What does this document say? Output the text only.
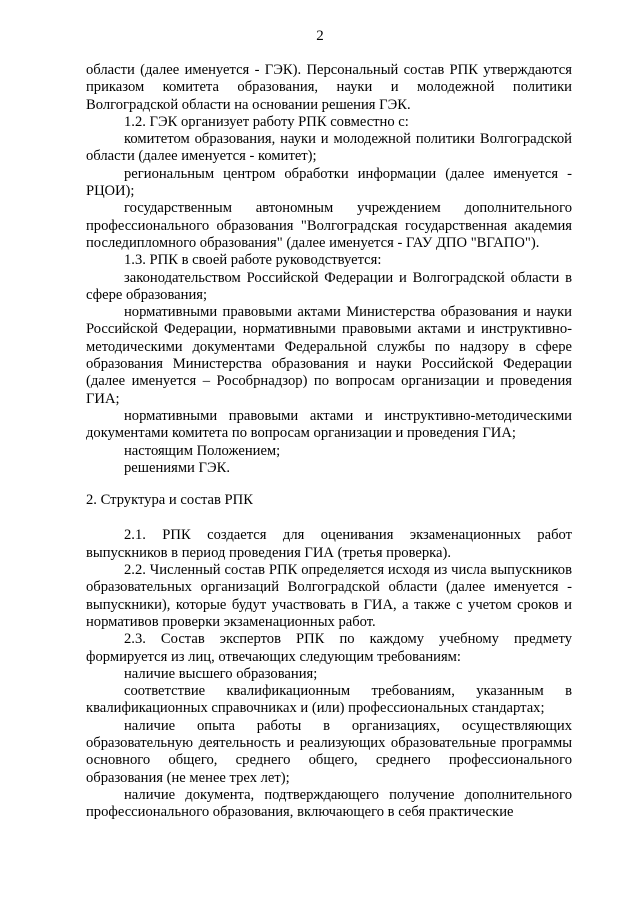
2

области (далее именуется - ГЭК). Персональный состав РПК утверждаются приказом комитета образования, науки и молодежной политики Волгоградской области на основании решения ГЭК.

1.2. ГЭК организует работу РПК совместно с:

комитетом образования, науки и молодежной политики Волгоградской области (далее именуется - комитет);

региональным центром обработки информации (далее именуется - РЦОИ);

государственным автономным учреждением дополнительного профессионального образования "Волгоградская государственная академия последипломного образования" (далее именуется - ГАУ ДПО "ВГАПО").

1.3. РПК в своей работе руководствуется:

законодательством Российской Федерации и Волгоградской области в сфере образования;

нормативными правовыми актами Министерства образования и науки Российской Федерации, нормативными правовыми актами и инструктивно-методическими документами Федеральной службы по надзору в сфере образования Министерства образования и науки Российской Федерации (далее именуется – Рособрнадзор) по вопросам организации и проведения ГИА;

нормативными правовыми актами и инструктивно-методическими документами комитета по вопросам организации и проведения ГИА;

настоящим Положением;

решениями ГЭК.

2. Структура и состав РПК

2.1. РПК создается для оценивания экзаменационных работ выпускников в период проведения ГИА (третья проверка).

2.2. Численный состав РПК определяется исходя из числа выпускников образовательных организаций Волгоградской области (далее именуется - выпускники), которые будут участвовать в ГИА, а также с учетом сроков и нормативов проверки экзаменационных работ.

2.3. Состав экспертов РПК по каждому учебному предмету формируется из лиц, отвечающих следующим требованиям:

наличие высшего образования;

соответствие квалификационным требованиям, указанным в квалификационных справочниках и (или) профессиональных стандартах;

наличие опыта работы в организациях, осуществляющих образовательную деятельность и реализующих образовательные программы основного общего, среднего общего, среднего профессионального образования (не менее трех лет);

наличие документа, подтверждающего получение дополнительного профессионального образования, включающего в себя практические
